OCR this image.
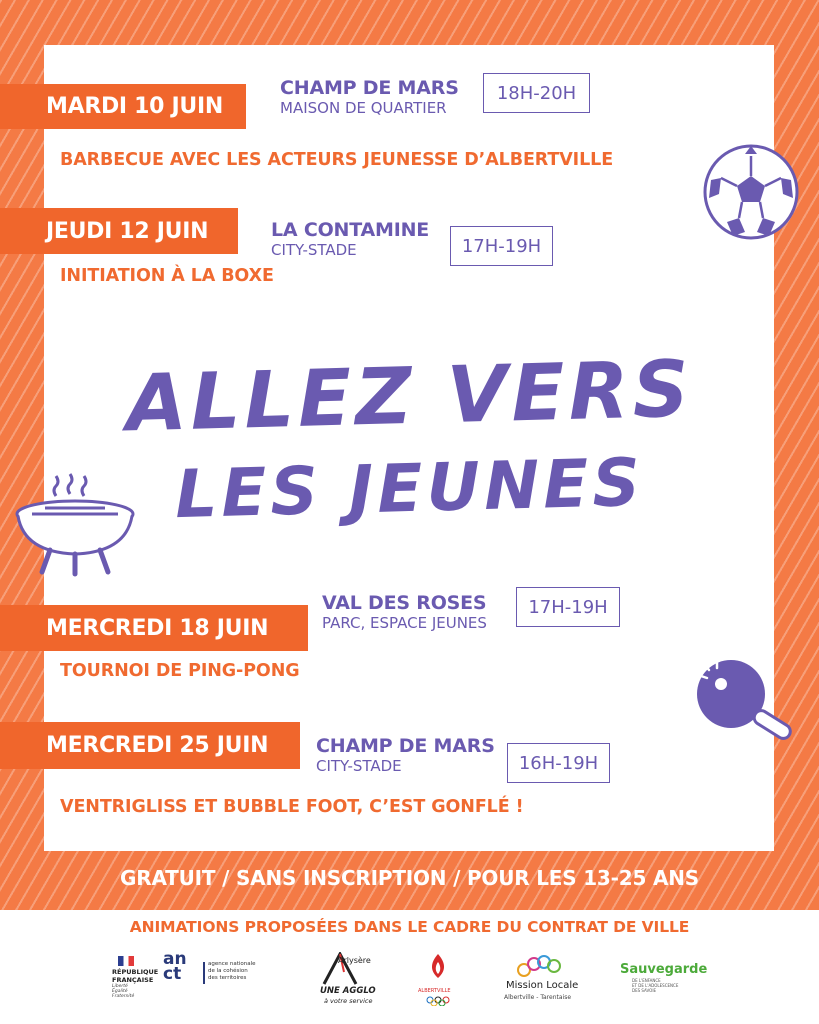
MARDI 10 JUIN
CHAMP DE MARS
MAISON DE QUARTIER
18H-20H
BARBECUE AVEC LES ACTEURS JEUNESSE D’ALBERTVILLE
JEUDI 12 JUIN	LA CONTAMINE
CITY-STADE	17H-19H
INITIATION À LA BOXE
ALLEZ VERS
LES JEUNES
MERCREDI 18 JUIN
VAL DES ROSES
PARC, ESPACE JEUNES
17H-19H
TOURNOI DE PING-PONG
MERCREDI 25 JUIN	CHAMP DE MARS
CITY-STADE	16H-19H
VENTRIGLISS ET BUBBLE FOOT, C’EST GONFLÉ !
GRATUIT / SANS INSCRIPTION / POUR LES 13-25 ANS
ANIMATIONS PROPOSÉES DANS LE CADRE DU CONTRAT DE VILLE
RÉPUBLIQUE
FRANÇAISE
Liberté
Égalité
Fraternité
an ct	agence nationale
de la cohésion
des territoires
Arlysère
UNE AGGLO
à votre service
ALBERTVILLE	Mission Locale
Albertville - Tarentaise
Sauvegarde
DE L'ENFANCE
ET DE L'ADOLESCENCE
DES SAVOIE
